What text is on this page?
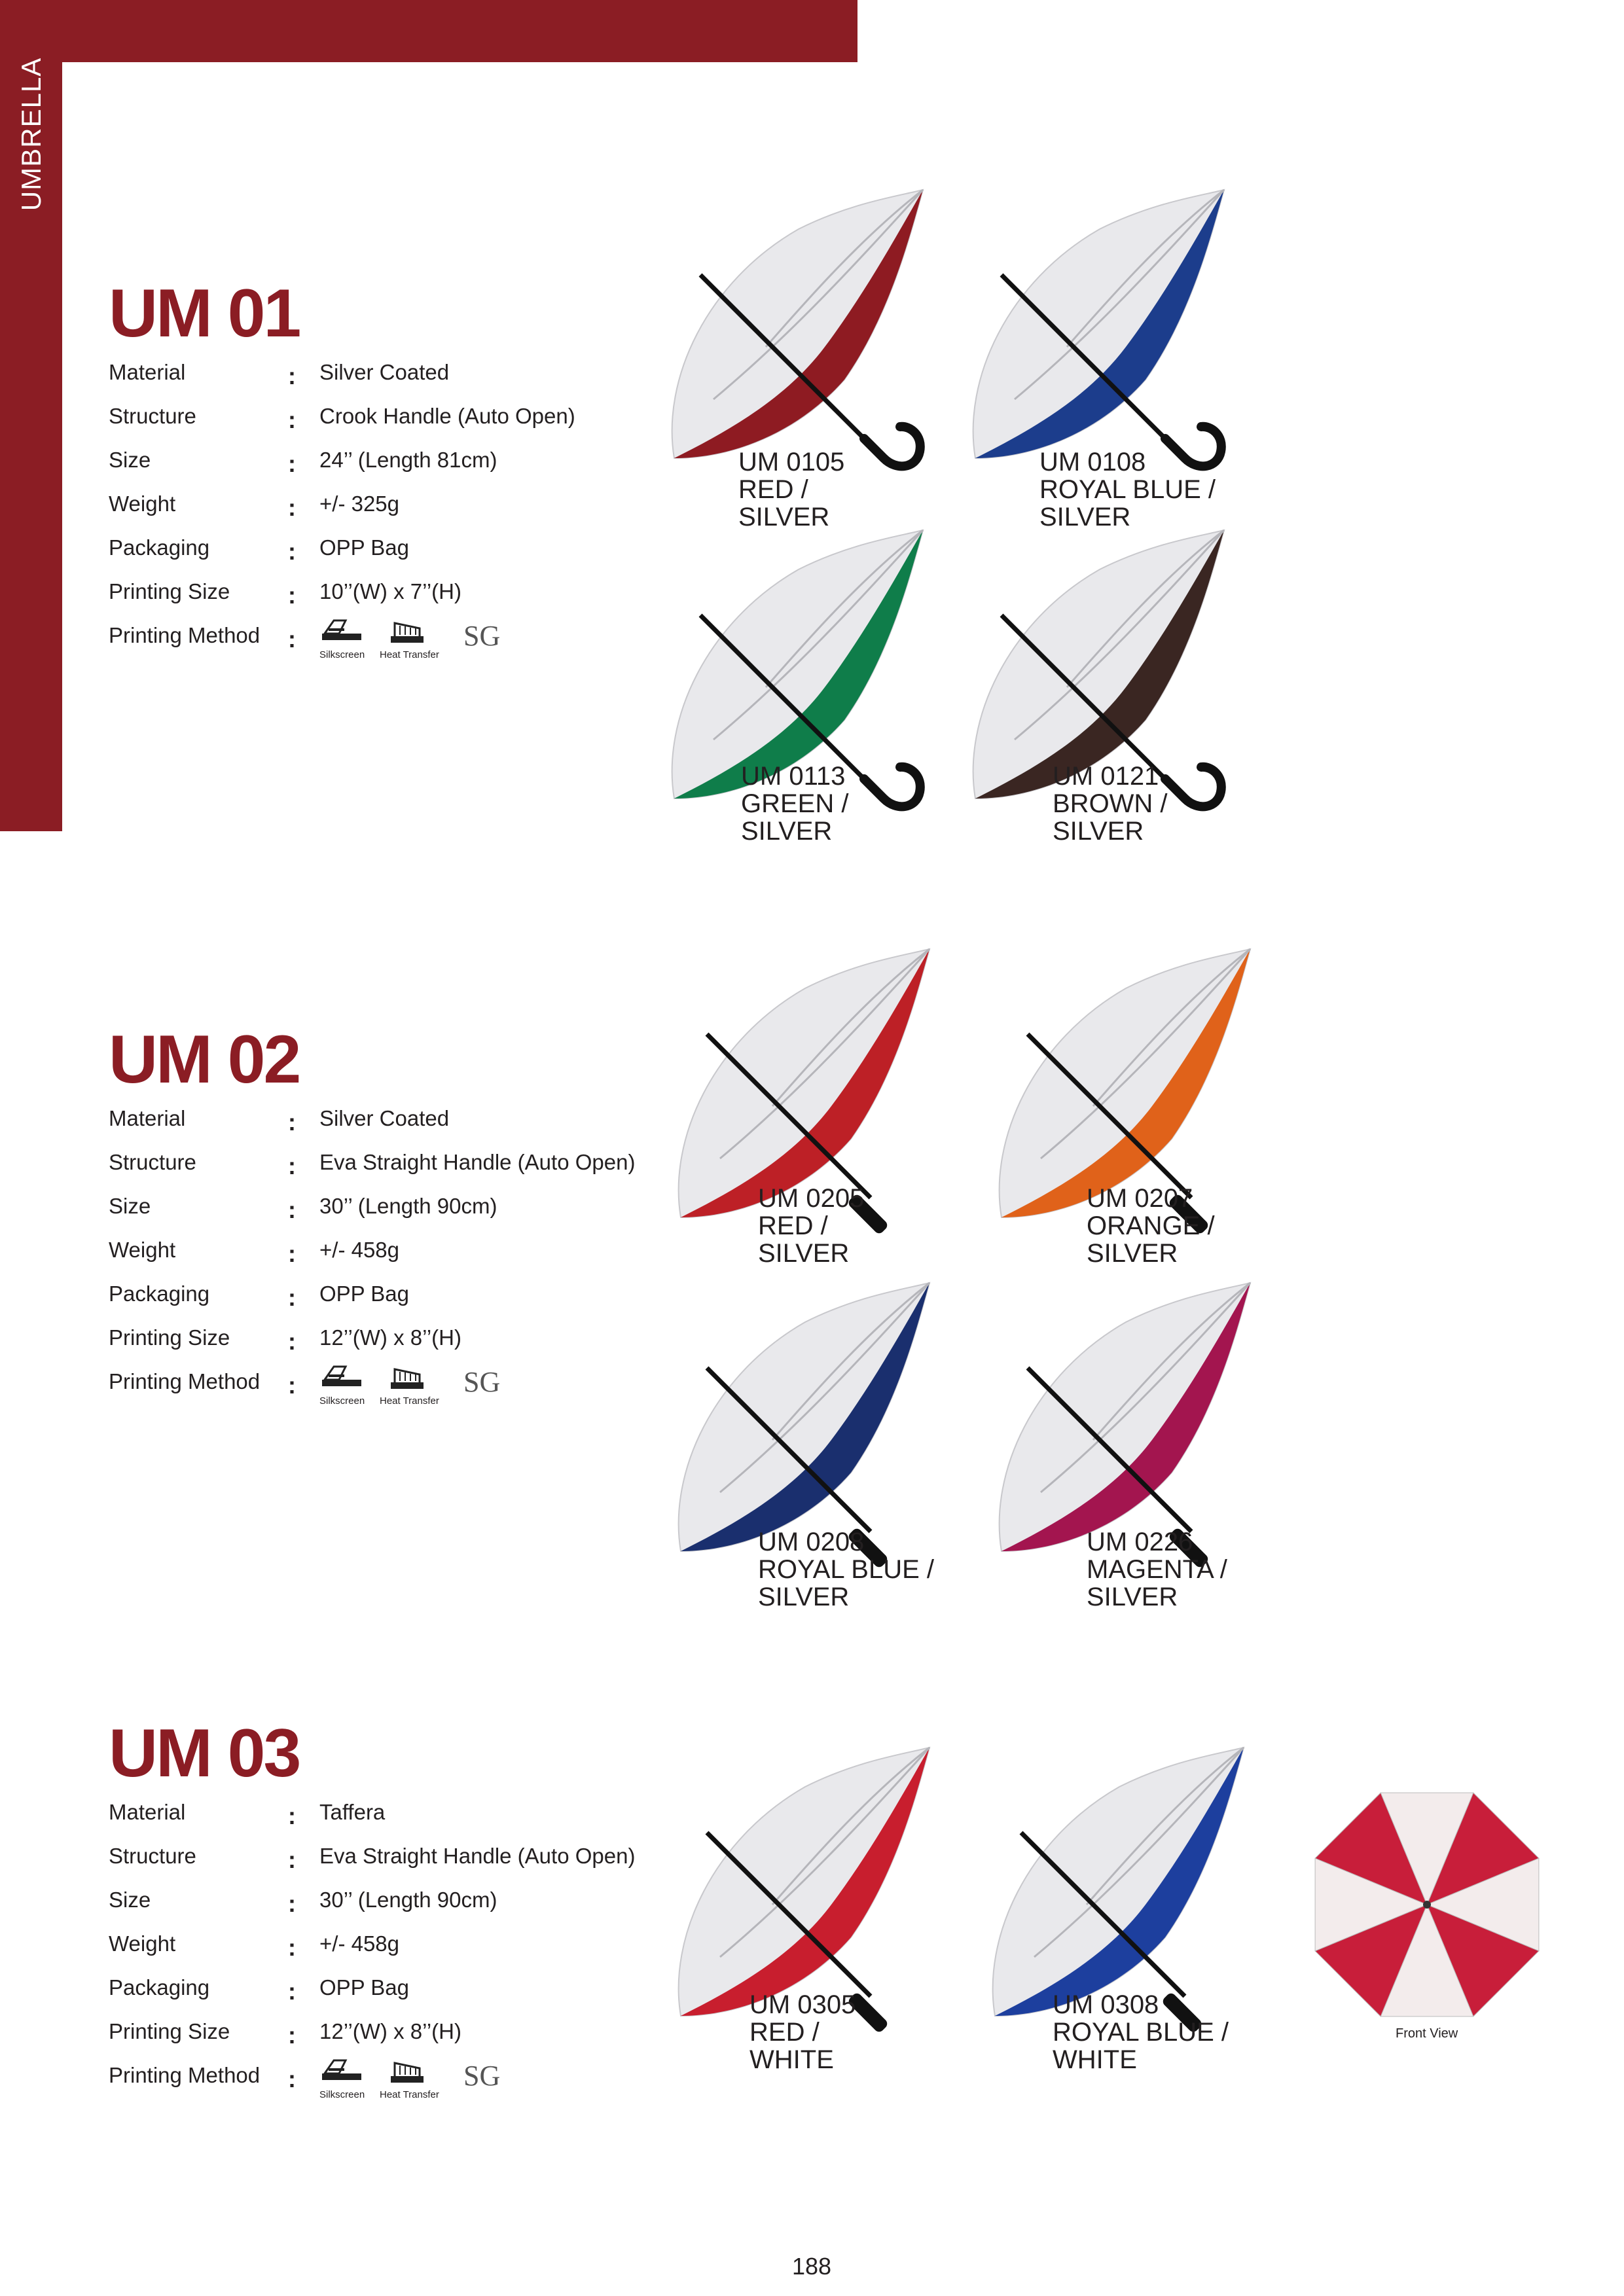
UMBRELLA
UM 01
Material	: Silver Coated
Structure	: Crook Handle (Auto Open)
Size	: 24’’ (Length 81cm)
Weight	: +/- 325g
Packaging	: OPP Bag
Printing Size : 10’’(W) x 7’’(H)
Printing Method :
Silkscreen Heat Transfer
SG
UM 0105
RED /
SILVER
UM 0108
ROYAL BLUE /
SILVER
UM 0113
GREEN /
SILVER
UM 0121
BROWN /
SILVER
UM 02
Material	: Silver Coated
Structure	: Eva Straight Handle (Auto Open)
Size	: 30’’ (Length 90cm)
Weight	: +/- 458g
Packaging	: OPP Bag
Printing Size : 12’’(W) x 8’’(H)
Printing Method :
Silkscreen Heat Transfer
SG
UM 0205
RED /
SILVER
UM 0207
ORANGE /
SILVER
UM 0208
ROYAL BLUE /
SILVER
UM 0226
MAGENTA /
SILVER
UM 03
Material	: Taffera
Structure	: Eva Straight Handle (Auto Open)
Size	: 30’’ (Length 90cm)
Weight	: +/- 458g
Packaging	: OPP Bag
Printing Size : 12’’(W) x 8’’(H)
Printing Method :
Silkscreen Heat Transfer
SG
UM 0305
RED /
WHITE
UM 0308
ROYAL BLUE /
WHITE
Front View
188
